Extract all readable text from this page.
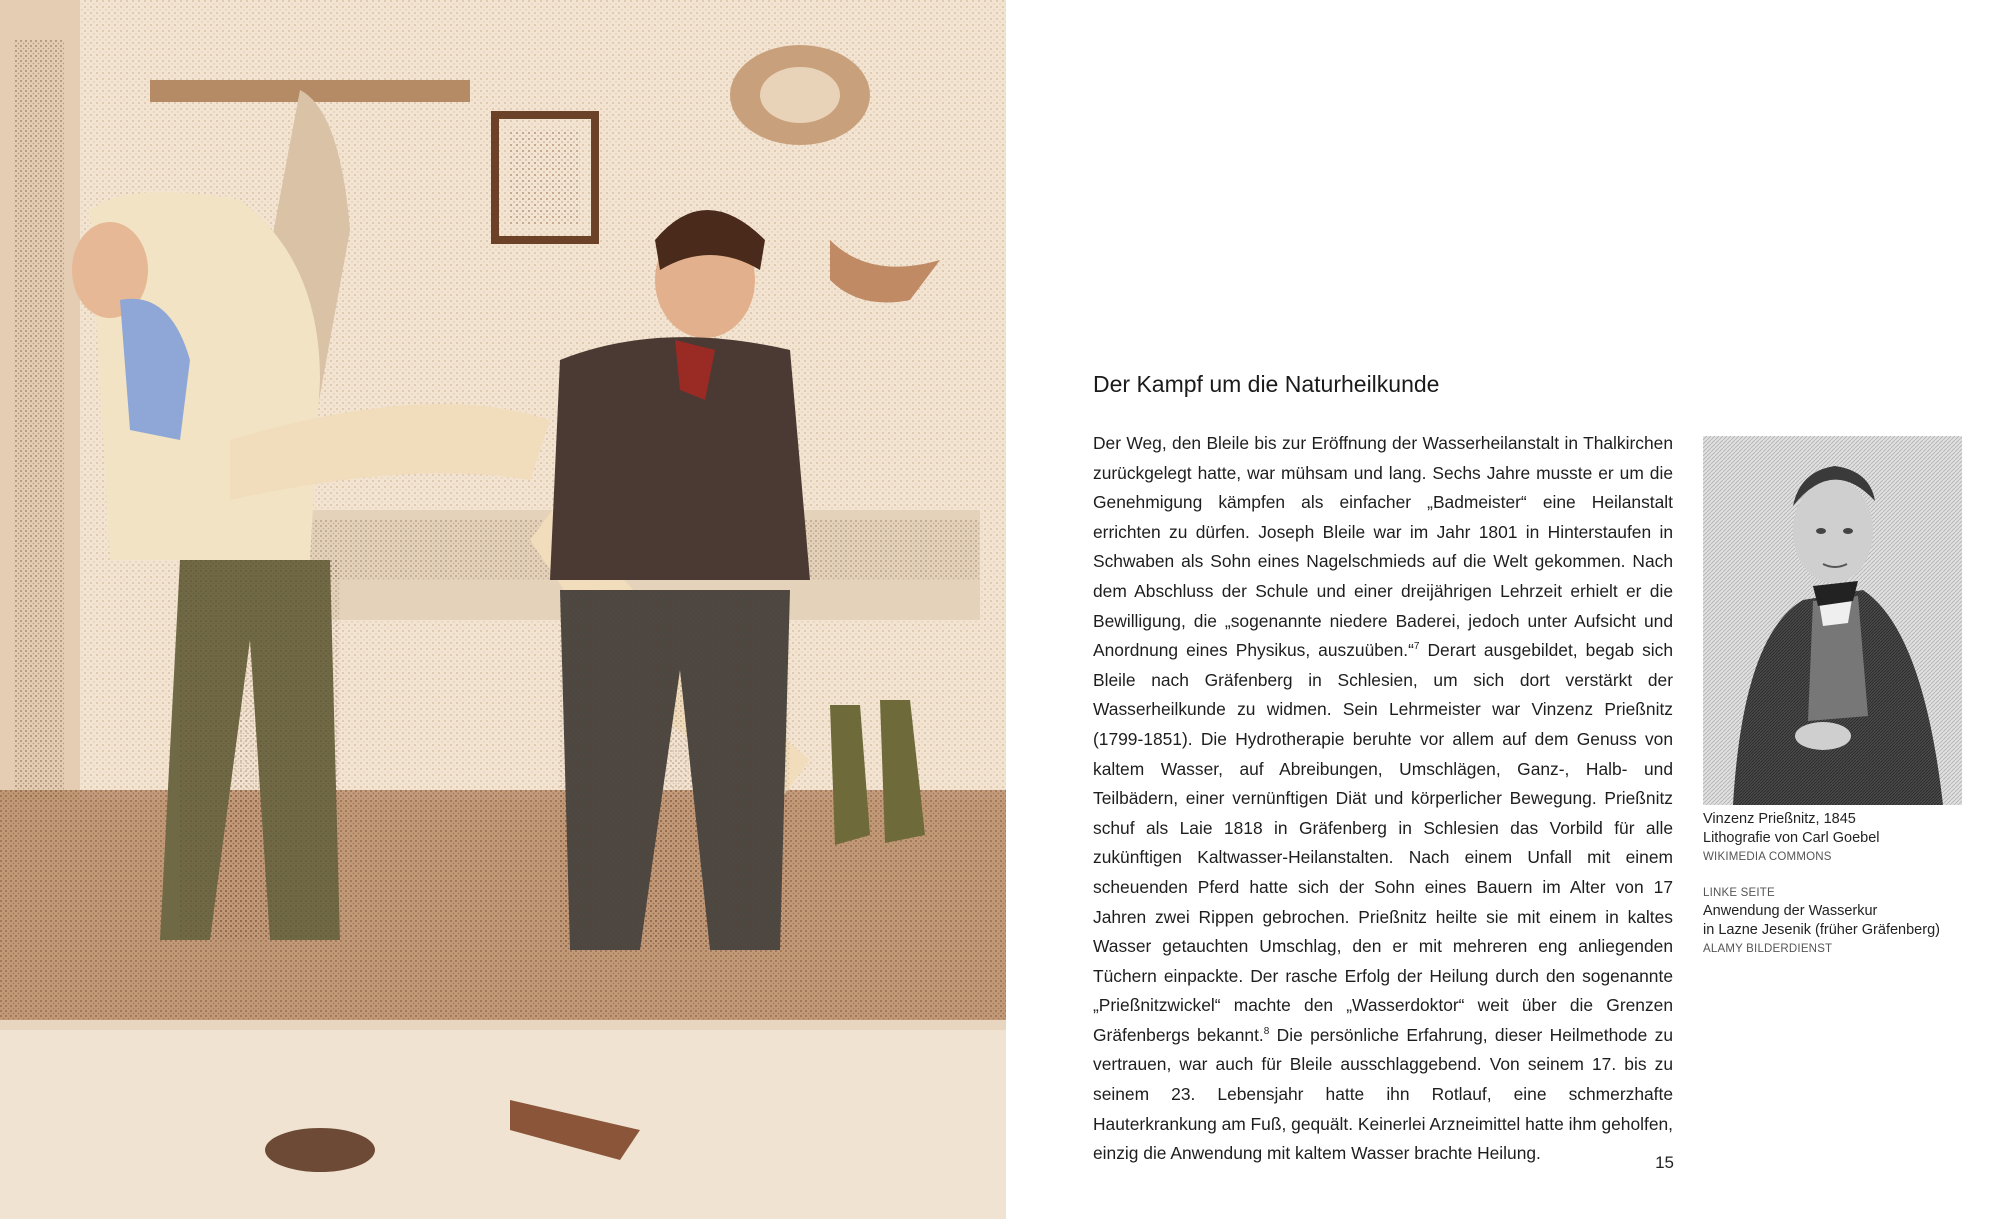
Der Kampf um die Naturheilkunde

Der Weg, den Bleile bis zur Eröffnung der Wasserheilanstalt in Thalkirchen zurückgelegt hatte, war mühsam und lang. Sechs Jahre musste er um die Genehmigung kämpfen als einfacher „Badmeister“ eine Heilanstalt errichten zu dürfen. Joseph Bleile war im Jahr 1801 in Hinterstaufen in Schwaben als Sohn eines Nagelschmieds auf die Welt gekommen. Nach dem Abschluss der Schule und einer dreijährigen Lehrzeit erhielt er die Bewilligung, die „sogenannte niedere Baderei, jedoch unter Aufsicht und Anordnung eines Physikus, auszuüben.“$^7$ Derart ausgebildet, begab sich Bleile nach Gräfenberg in Schlesien, um sich dort verstärkt der Wasserheilkunde zu widmen. Sein Lehrmeister war Vinzenz Prießnitz (1799-1851). Die Hydrotherapie beruhte vor allem auf dem Genuss von kaltem Wasser, auf Abreibungen, Umschlägen, Ganz-, Halb- und Teilbädern, einer vernünftigen Diät und körperlicher Bewegung. Prießnitz schuf als Laie 1818 in Gräfenberg in Schlesien das Vorbild für alle zukünftigen Kaltwasser-Heilanstalten. Nach einem Unfall mit einem scheuenden Pferd hatte sich der Sohn eines Bauern im Alter von 17 Jahren zwei Rippen gebrochen. Prießnitz heilte sie mit einem in kaltes Wasser getauchten Umschlag, den er mit mehreren eng anliegenden Tüchern einpackte. Der rasche Erfolg der Heilung durch den sogenannte „Prießnitzwickel“ machte den „Wasserdoktor“ weit über die Grenzen Gräfenbergs bekannt.$^8$ Die persönliche Erfahrung, dieser Heilmethode zu vertrauen, war auch für Bleile ausschlaggebend. Von seinem 17. bis zu seinem 23. Lebensjahr hatte ihn Rotlauf, eine schmerzhafte Hauterkrankung am Fuß, gequält. Keinerlei Arzneimittel hatte ihm geholfen, einzig die Anwendung mit kaltem Wasser brachte Heilung.

Vinzenz Prießnitz, 1845
Lithografie von Carl Goebel
WIKIMEDIA COMMONS

LINKE SEITE
Anwendung der Wasserkur
in Lazne Jesenik (früher Gräfenberg)
ALAMY BILDERDIENST

15
